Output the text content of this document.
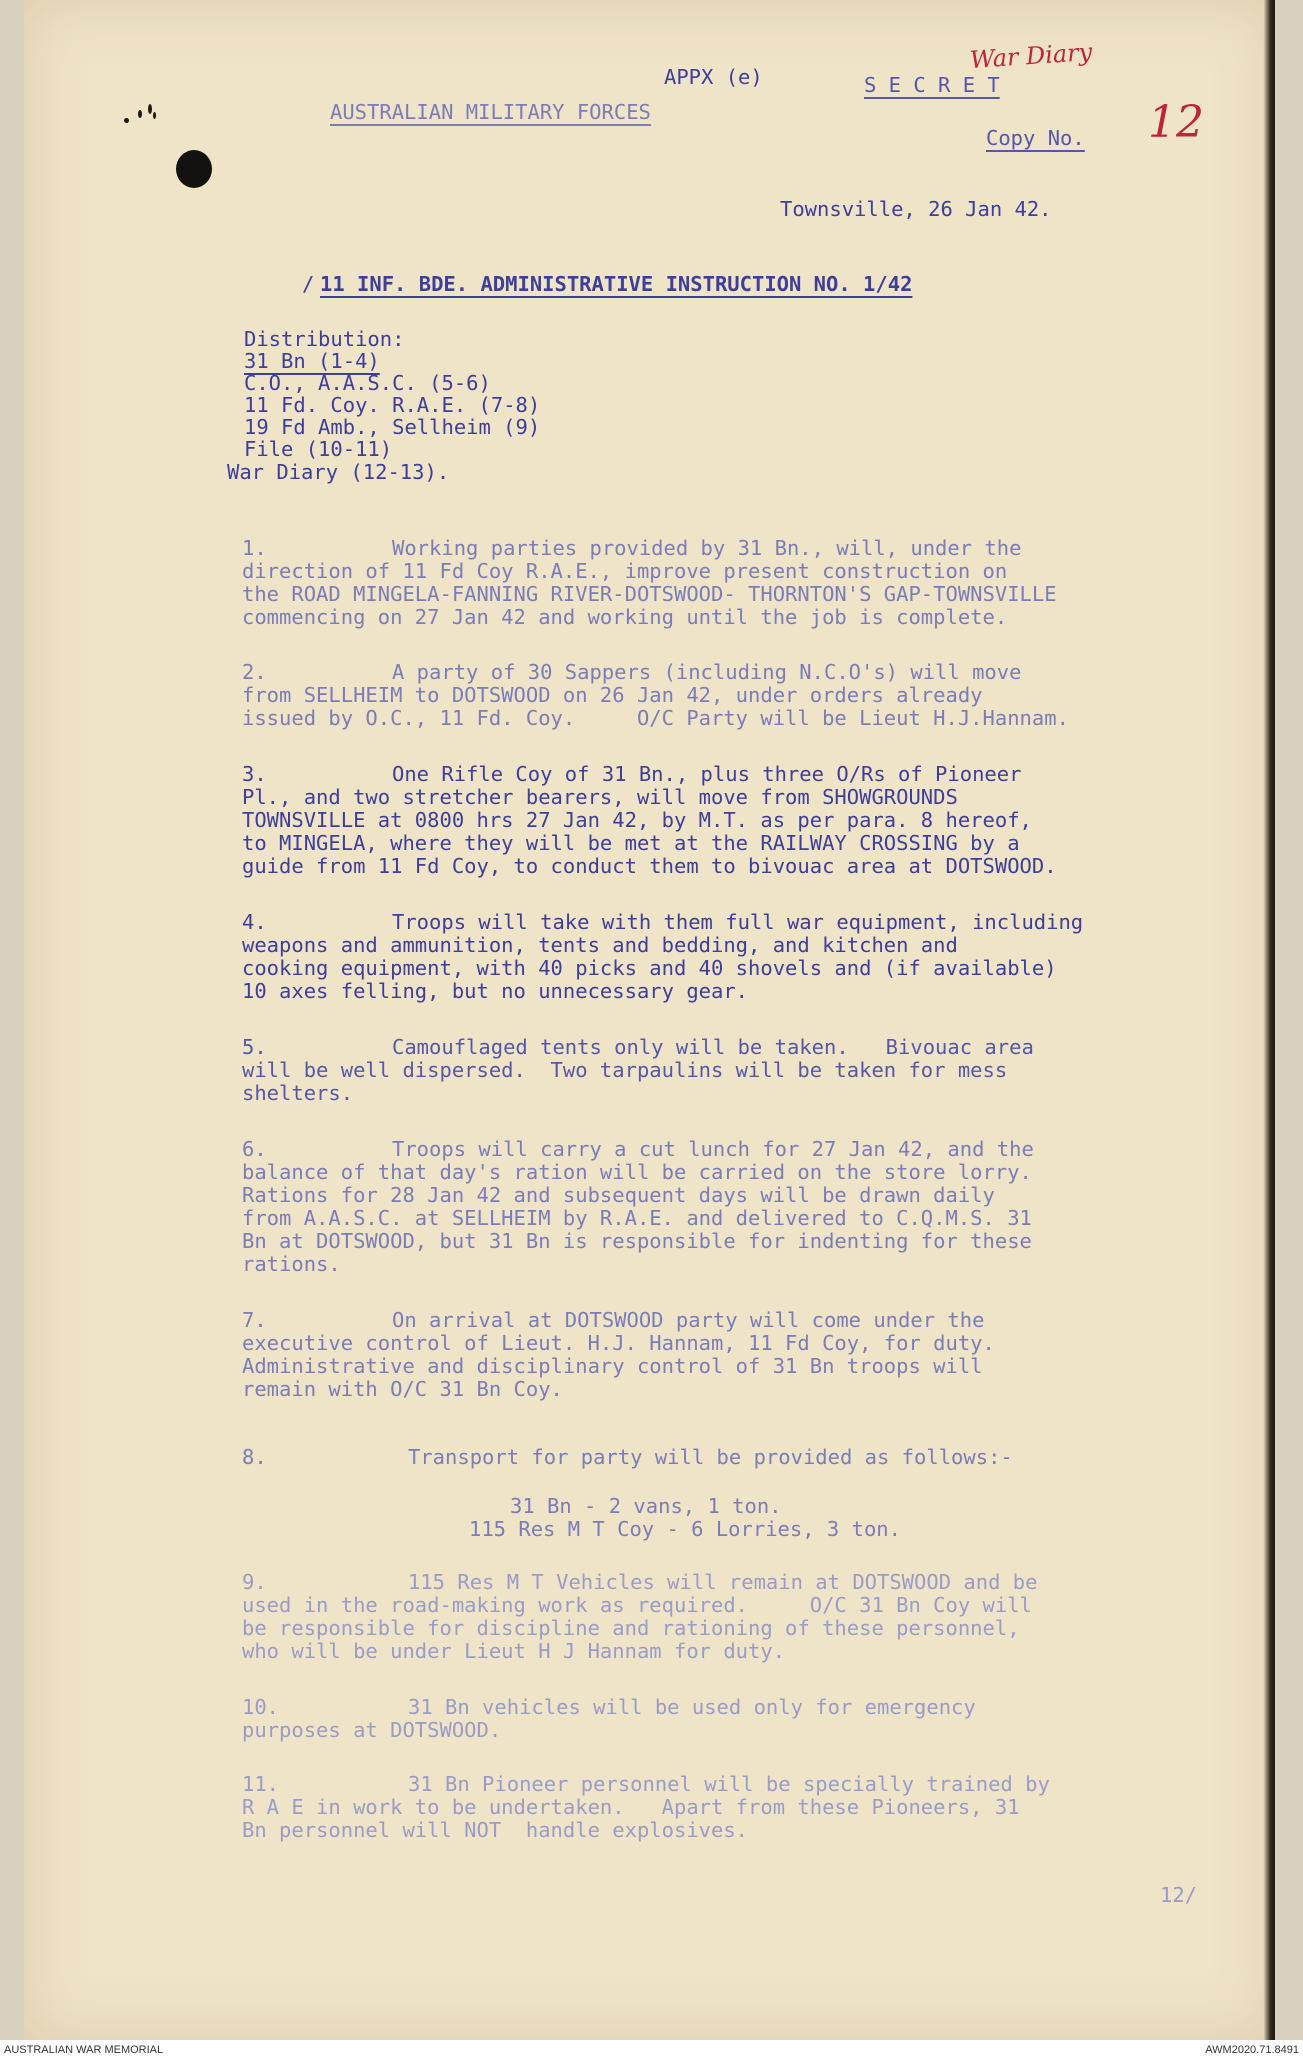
APPX (e)
AUSTRALIAN MILITARY FORCES
S E C R E T
War Diary
Copy No. 12
Townsville, 26 Jan 42.
/ 11 INF. BDE. ADMINISTRATIVE INSTRUCTION NO. 1/42
Distribution:
31 Bn (1-4)
C.O., A.A.S.C. (5-6)
11 Fd. Coy. R.A.E. (7-8)
19 Fd Amb., Sellheim (9)
File (10-11)
War Diary (12-13).
1.	Working parties provided by 31 Bn., will, under the
direction of 11 Fd Coy R.A.E., improve present construction on
the ROAD MINGELA-FANNING RIVER-DOTSWOOD- THORNTON'S GAP-TOWNSVILLE
commencing on 27 Jan 42 and working until the job is complete.
2.	A party of 30 Sappers (including N.C.O's) will move
from SELLHEIM to DOTSWOOD on 26 Jan 42, under orders already
issued by O.C., 11 Fd. Coy.     O/C Party will be Lieut H.J.Hannam.
3.	One Rifle Coy of 31 Bn., plus three O/Rs of Pioneer
Pl., and two stretcher bearers, will move from SHOWGROUNDS
TOWNSVILLE at 0800 hrs 27 Jan 42, by M.T. as per para. 8 hereof,
to MINGELA, where they will be met at the RAILWAY CROSSING by a
guide from 11 Fd Coy, to conduct them to bivouac area at DOTSWOOD.
4.	Troops will take with them full war equipment, including
weapons and ammunition, tents and bedding, and kitchen and
cooking equipment, with 40 picks and 40 shovels and (if available)
10 axes felling, but no unnecessary gear.
5.	Camouflaged tents only will be taken.   Bivouac area
will be well dispersed.  Two tarpaulins will be taken for mess
shelters.
6.	Troops will carry a cut lunch for 27 Jan 42, and the
balance of that day's ration will be carried on the store lorry.
Rations for 28 Jan 42 and subsequent days will be drawn daily
from A.A.S.C. at SELLHEIM by R.A.E. and delivered to C.Q.M.S. 31
Bn at DOTSWOOD, but 31 Bn is responsible for indenting for these
rations.
7.	On arrival at DOTSWOOD party will come under the
executive control of Lieut. H.J. Hannam, 11 Fd Coy, for duty.
Administrative and disciplinary control of 31 Bn troops will
remain with O/C 31 Bn Coy.
8.	Transport for party will be provided as follows:-
31 Bn - 2 vans, 1 ton.
115 Res M T Coy - 6 Lorries, 3 ton.
9.	115 Res M T Vehicles will remain at DOTSWOOD and be
used in the road-making work as required.     O/C 31 Bn Coy will
be responsible for discipline and rationing of these personnel,
who will be under Lieut H J Hannam for duty.
10.	31 Bn vehicles will be used only for emergency
purposes at DOTSWOOD.
11.	31 Bn Pioneer personnel will be specially trained by
R A E in work to be undertaken.   Apart from these Pioneers, 31
Bn personnel will NOT  handle explosives.
12/
AUSTRALIAN WAR MEMORIAL	AWM2020.71.8491
